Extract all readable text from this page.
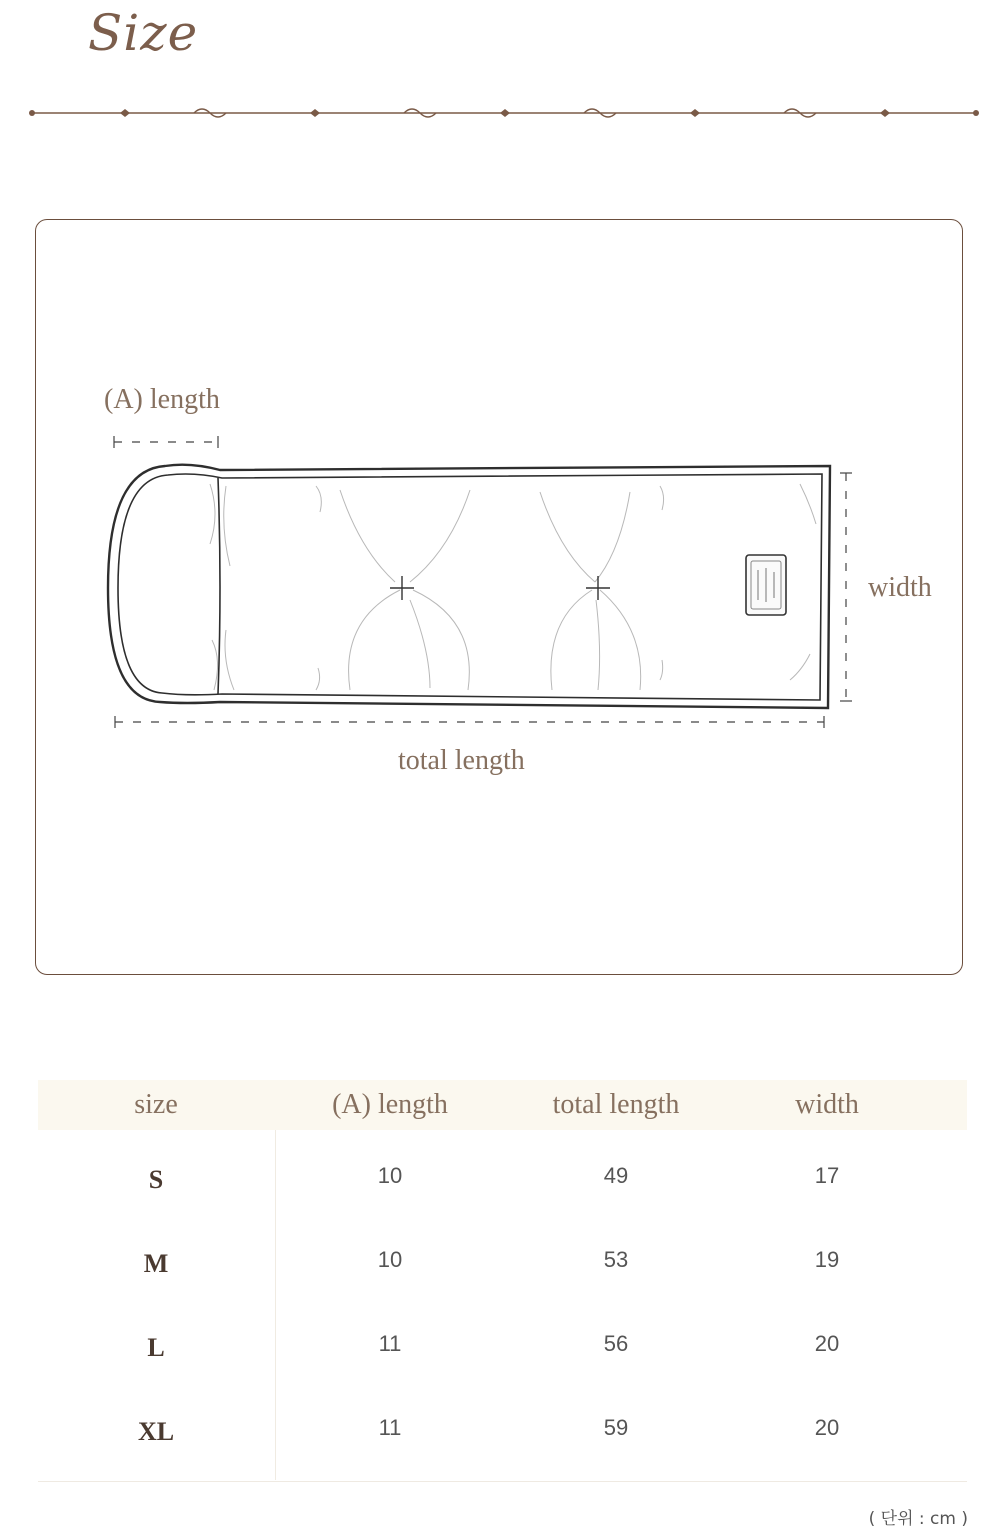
Size
(A) length
total length
width
size	(A) length	total length	width
S	10	49	17
M	10	53	19
L	11	56	20
XL	11	59	20
( 단위 : cm )
